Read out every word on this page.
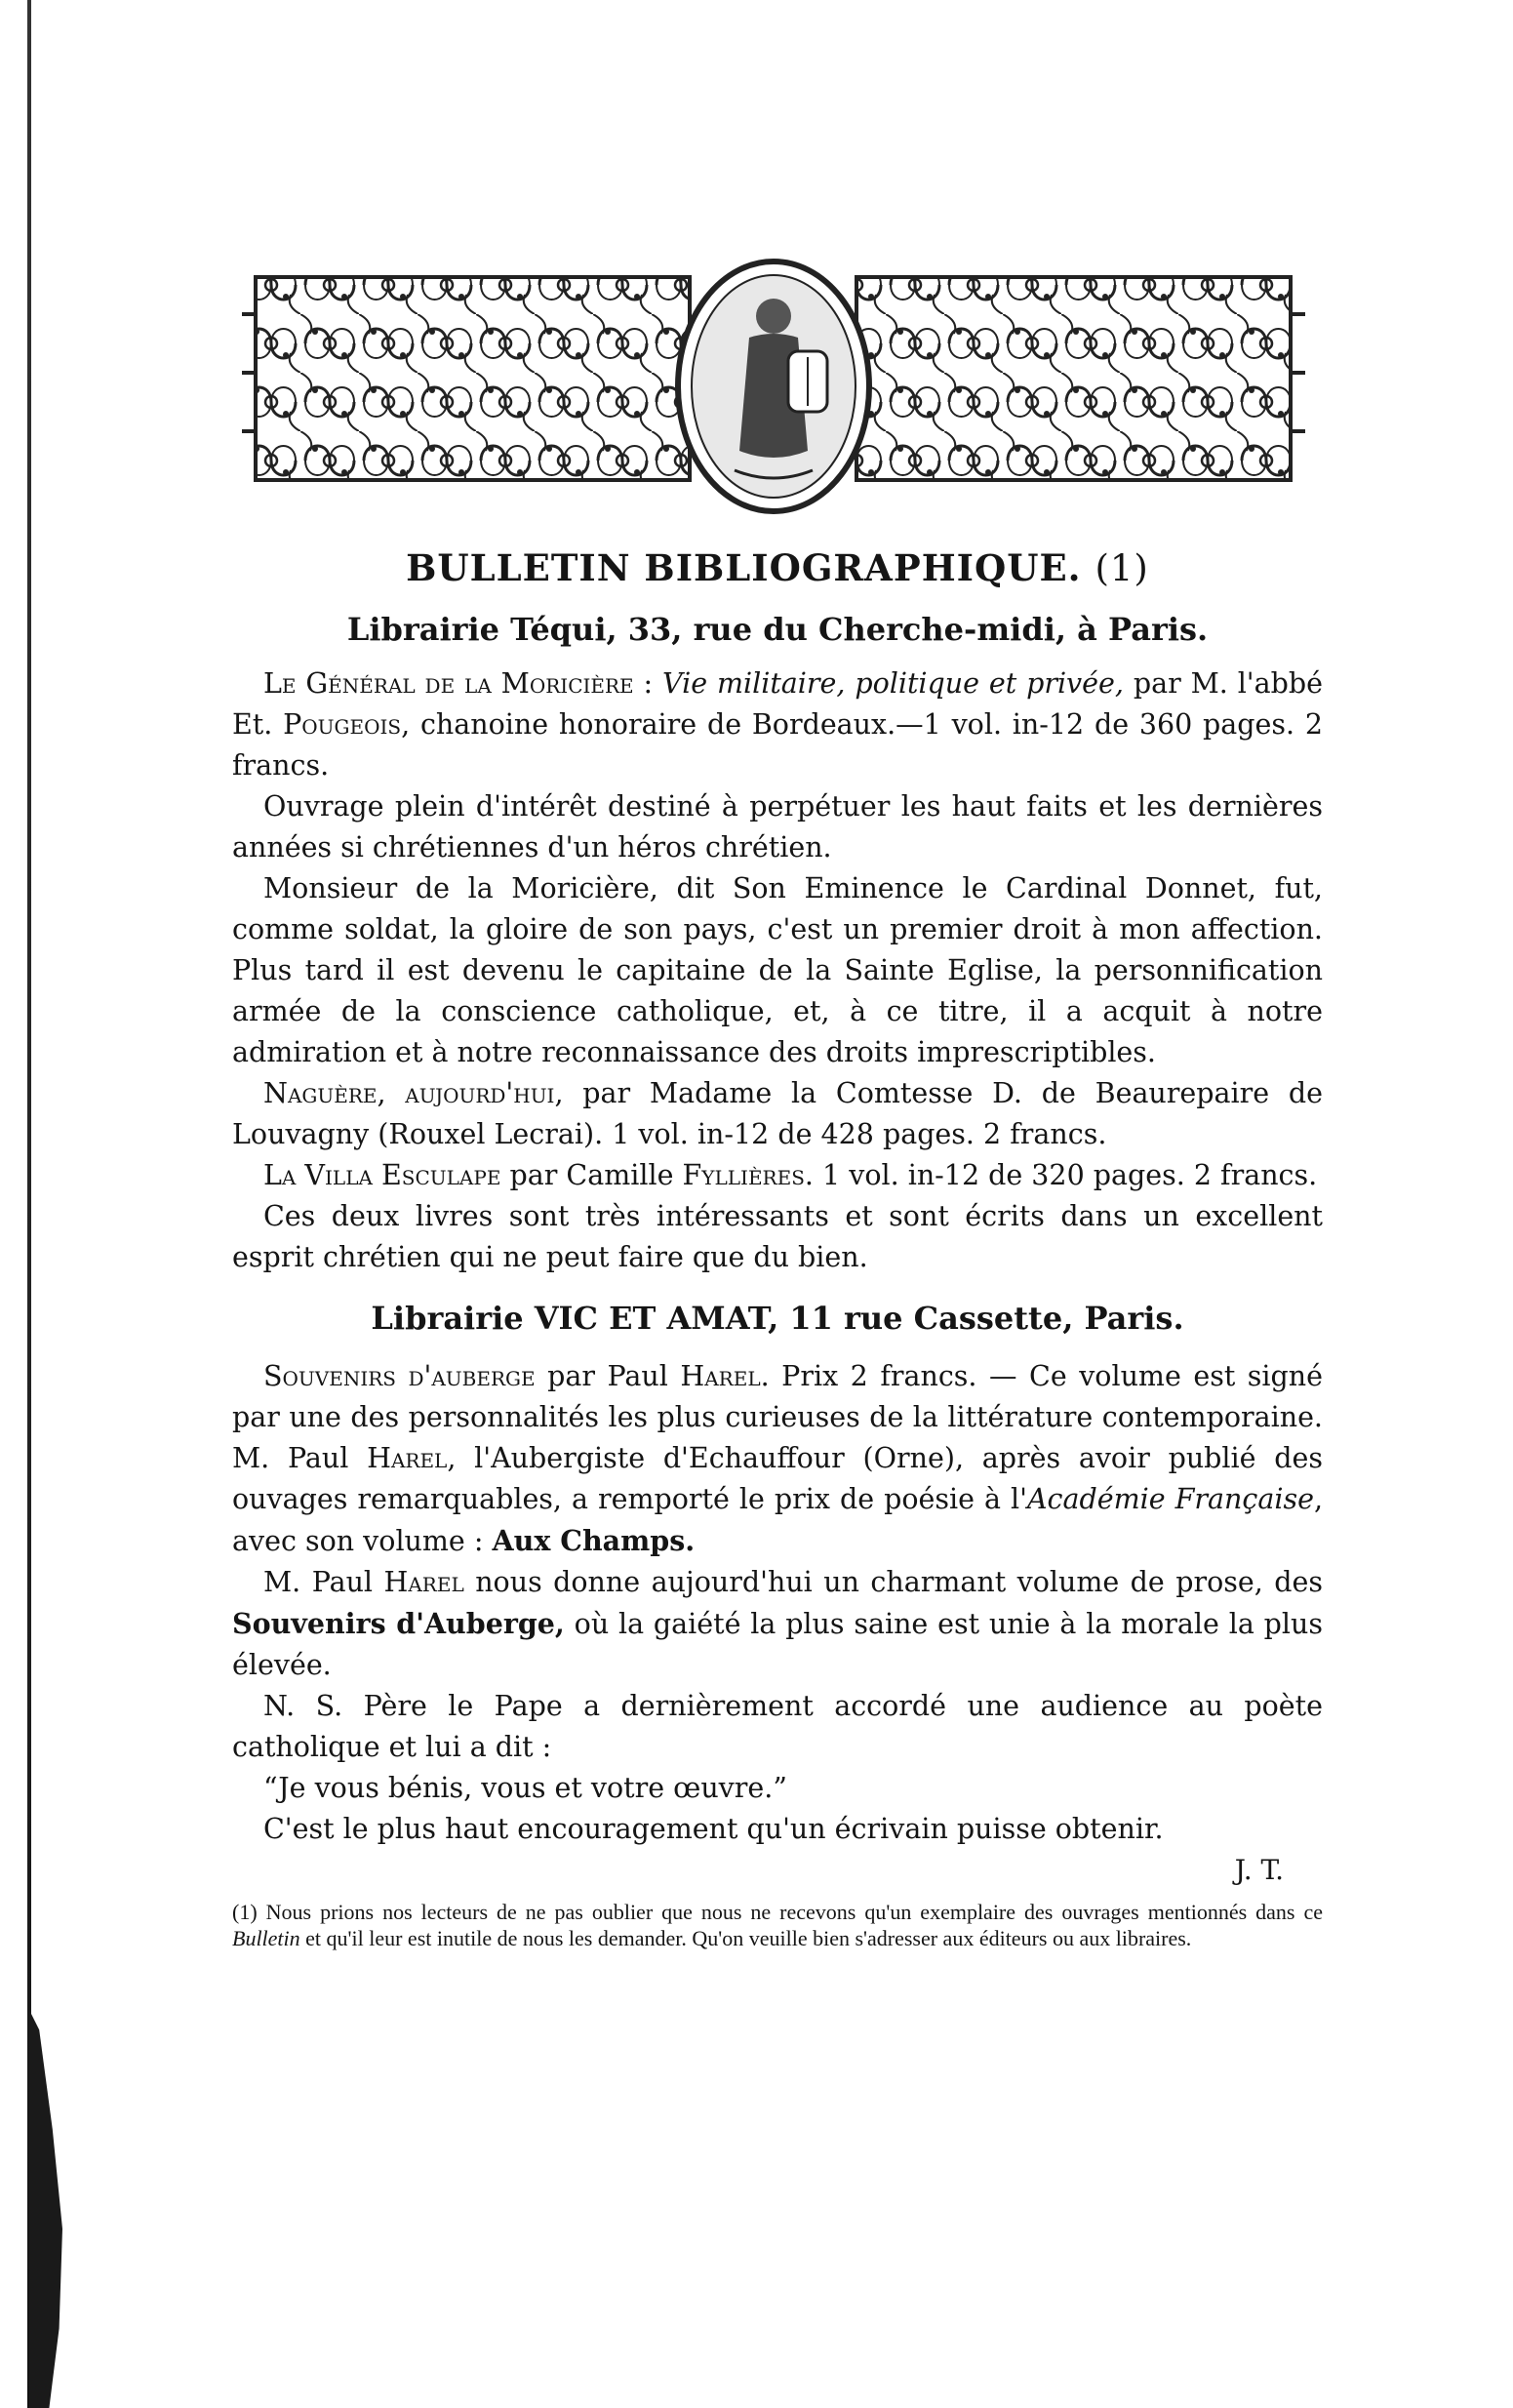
BULLETIN BIBLIOGRAPHIQUE. (1)
Librairie Téqui, 33, rue du Cherche-midi, à Paris.

Le Général de la Moricière : Vie militaire, politique et privée, par M. l'abbé Et. Pougeois, chanoine honoraire de Bordeaux.—1 vol. in-12 de 360 pages. 2 francs.

Ouvrage plein d'intérêt destiné à perpétuer les haut faits et les dernières années si chrétiennes d'un héros chrétien.

Monsieur de la Moricière, dit Son Eminence le Cardinal Donnet, fut, comme soldat, la gloire de son pays, c'est un premier droit à mon affection. Plus tard il est devenu le capitaine de la Sainte Eglise, la personnification armée de la conscience catholique, et, à ce titre, il a acquit à notre admiration et à notre reconnaissance des droits imprescriptibles.

Naguère, aujourd'hui, par Madame la Comtesse D. de Beaurepaire de Louvagny (Rouxel Lecrai). 1 vol. in-12 de 428 pages. 2 francs.

La Villa Esculape par Camille Fyllières. 1 vol. in-12 de 320 pages. 2 francs.

Ces deux livres sont très intéressants et sont écrits dans un excellent esprit chrétien qui ne peut faire que du bien.

Librairie VIC ET AMAT, 11 rue Cassette, Paris.

Souvenirs d'auberge par Paul Harel. Prix 2 francs. — Ce volume est signé par une des personnalités les plus curieuses de la littérature contemporaine. M. Paul Harel, l'Aubergiste d'Echauffour (Orne), après avoir publié des ouvages remarquables, a remporté le prix de poésie à l'Académie Française, avec son volume : Aux Champs.

M. Paul Harel nous donne aujourd'hui un charmant volume de prose, des Souvenirs d'Auberge, où la gaiété la plus saine est unie à la morale la plus élevée.

N. S. Père le Pape a dernièrement accordé une audience au poète catholique et lui a dit :

“Je vous bénis, vous et votre œuvre.”

C'est le plus haut encouragement qu'un écrivain puisse obtenir.

J. T.
(1) Nous prions nos lecteurs de ne pas oublier que nous ne recevons qu'un exemplaire des ouvrages mentionnés dans ce Bulletin et qu'il leur est inutile de nous les demander. Qu'on veuille bien s'adresser aux éditeurs ou aux libraires.
